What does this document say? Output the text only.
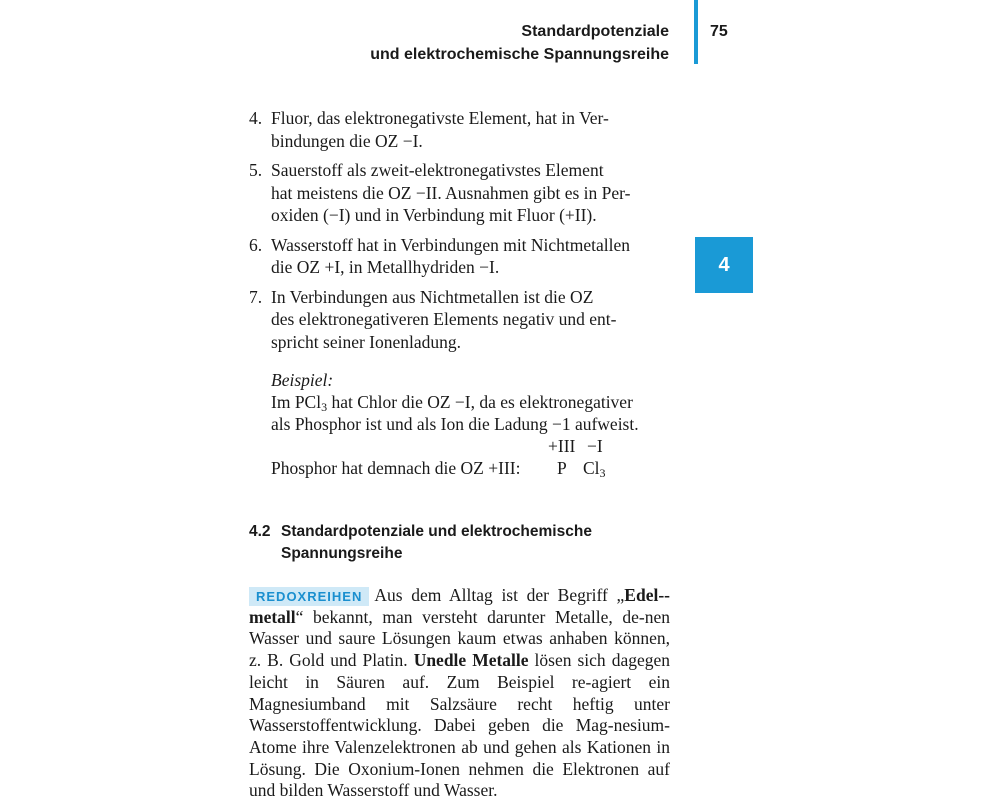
Standardpotenziale
und elektrochemische Spannungsreihe
75
4
4. Fluor, das elektronegativste Element, hat in Ver-
bindungen die OZ −I.
5. Sauerstoff als zweit-elektronegativstes Element
hat meistens die OZ −II. Ausnahmen gibt es in Per-
oxiden (−I) und in Verbindung mit Fluor (+II).
6. Wasserstoff hat in Verbindungen mit Nichtmetallen
die OZ +I, in Metallhydriden −I.
7. In Verbindungen aus Nichtmetallen ist die OZ
des elektronegativeren Elements negativ und ent-
spricht seiner Ionenladung.
Beispiel:
Im PCl$_3$ hat Chlor die OZ −I, da es elektronegativer
als Phosphor ist und als Ion die Ladung −1 aufweist.
+III −I
Phosphor hat demnach die OZ +III: P $Cl_3$
4.2 Standardpotenziale und elektrochemische
Spannungsreihe
REDOXREIHEN Aus dem Alltag ist der Begriff „Edel-metall“ bekannt, man versteht darunter Metalle, de-nen Wasser und saure Lösungen kaum etwas anhaben können, z. B. Gold und Platin. Unedle Metalle lösen sich dagegen leicht in Säuren auf. Zum Beispiel re-agiert ein Magnesiumband mit Salzsäure recht heftig unter Wasserstoffentwicklung. Dabei geben die Mag-nesium-Atome ihre Valenzelektronen ab und gehen als Kationen in Lösung. Die Oxonium-Ionen nehmen die Elektronen auf und bilden Wasserstoff und Wasser.
